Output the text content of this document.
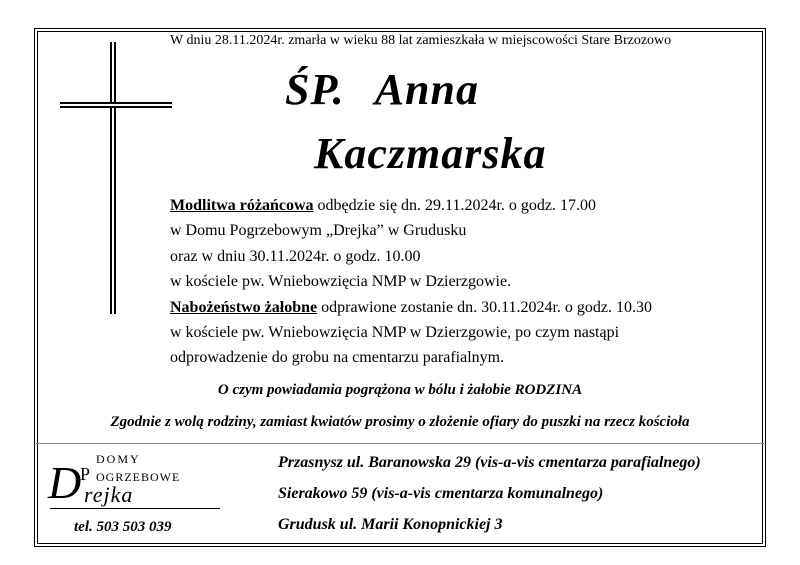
W dniu 28.11.2024r. zmarła w wieku 88 lat zamieszkała w miejscowości Stare Brzozowo
ŚP. Anna
Kaczmarska
Modlitwa różańcowa odbędzie się dn. 29.11.2024r. o godz. 17.00
w Domu Pogrzebowym „Drejka” w Grudusku
oraz w dniu 30.11.2024r. o godz. 10.00
w kościele pw. Wniebowzięcia NMP w Dzierzgowie.
Nabożeństwo żałobne odprawione zostanie dn. 30.11.2024r. o godz. 10.30
w kościele pw. Wniebowzięcia NMP w Dzierzgowie, po czym nastąpi
odprowadzenie do grobu na cmentarzu parafialnym.
O czym powiadamia pogrążona w bólu i żałobie RODZINA
Zgodnie z wolą rodziny, zamiast kwiatów prosimy o złożenie ofiary do puszki na rzecz kościoła
DOMY
P OGRZEBOWE
D rejka
tel. 503 503 039
Przasnysz ul. Baranowska 29 (vis-a-vis cmentarza parafialnego)
Sierakowo 59 (vis-a-vis cmentarza komunalnego)
Grudusk ul. Marii Konopnickiej 3
